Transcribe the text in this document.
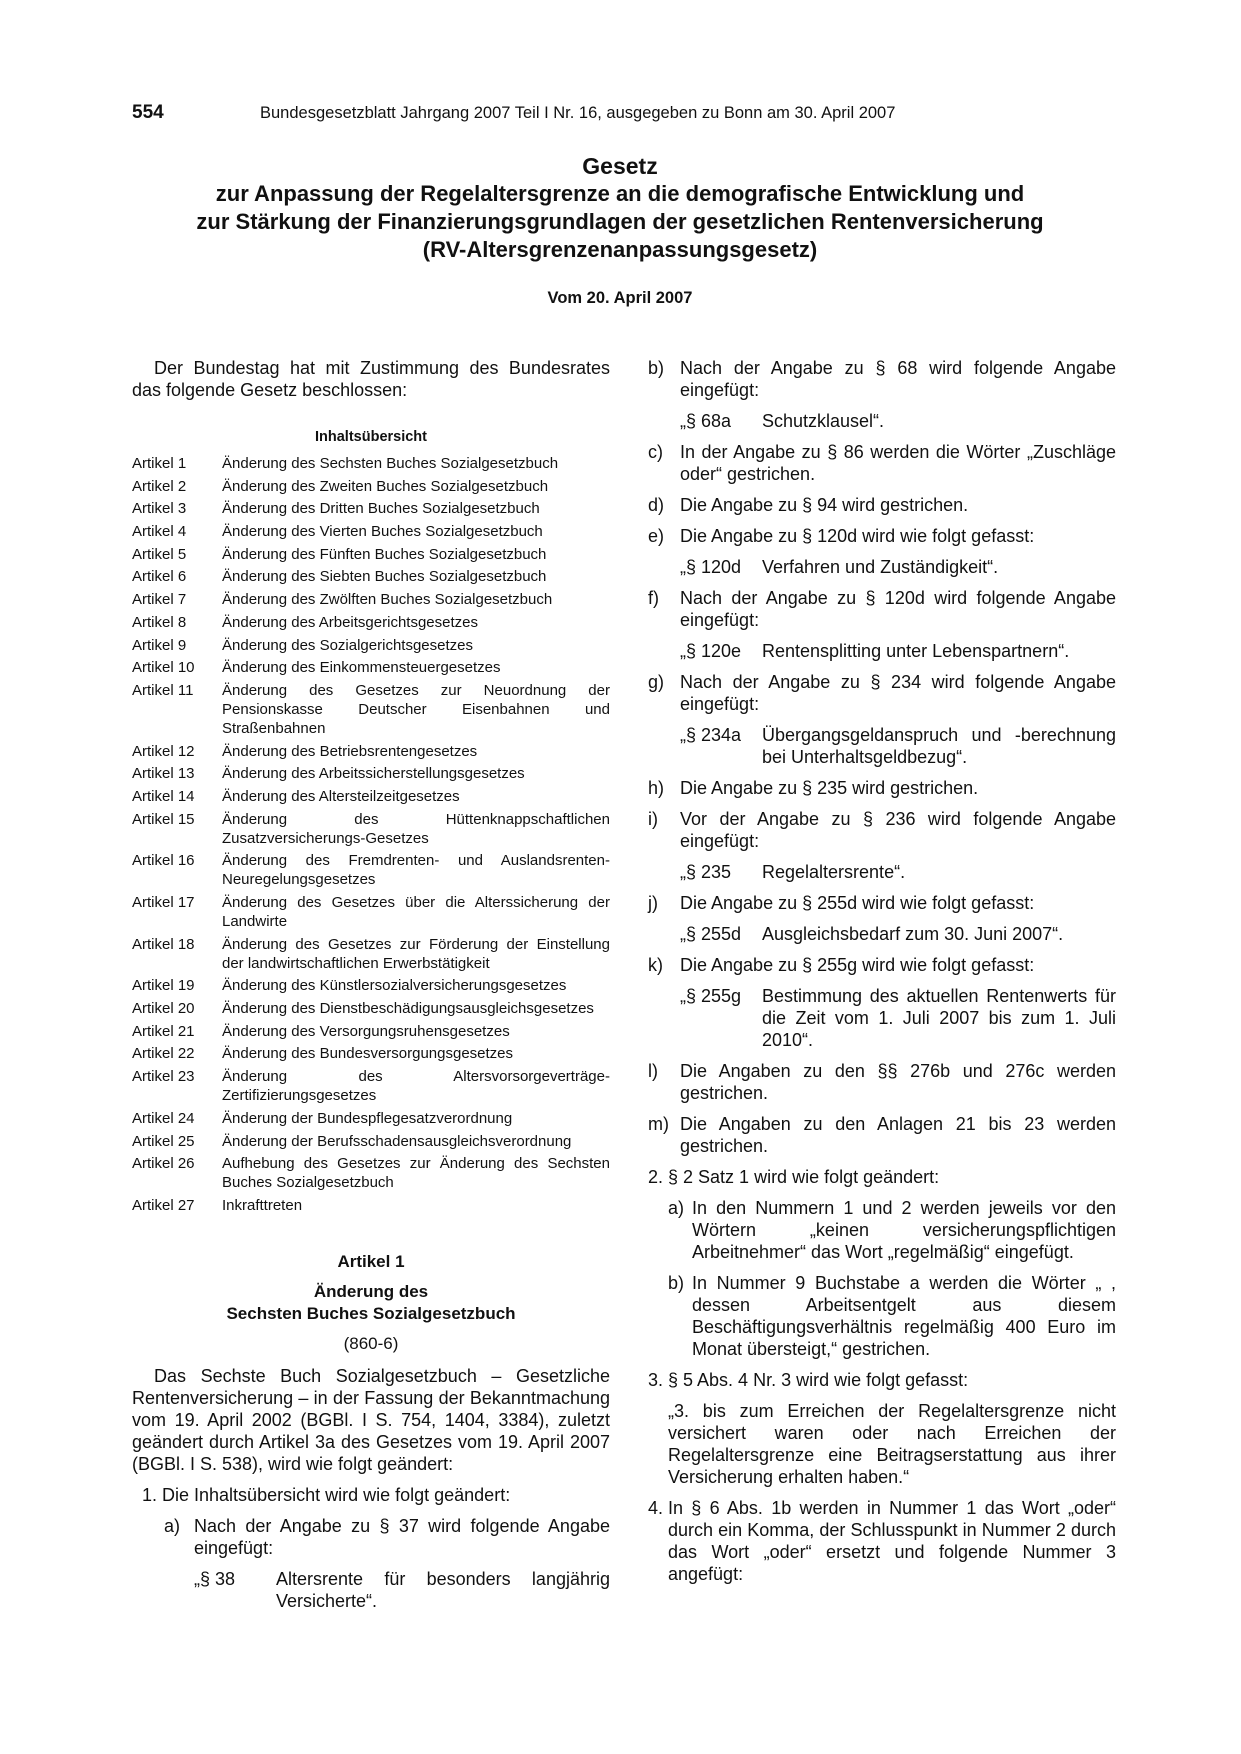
554	Bundesgesetzblatt Jahrgang 2007 Teil I Nr. 16, ausgegeben zu Bonn am 30. April 2007
Gesetz
zur Anpassung der Regelaltersgrenze an die demografische Entwicklung und
zur Stärkung der Finanzierungsgrundlagen der gesetzlichen Rentenversicherung
(RV-Altersgrenzenanpassungsgesetz)
Vom 20. April 2007

Der Bundestag hat mit Zustimmung des Bundesrates das folgende Gesetz beschlossen:

Inhaltsübersicht
Artikel 1	Änderung des Sechsten Buches Sozialgesetzbuch
Artikel 2	Änderung des Zweiten Buches Sozialgesetzbuch
Artikel 3	Änderung des Dritten Buches Sozialgesetzbuch
Artikel 4	Änderung des Vierten Buches Sozialgesetzbuch
Artikel 5	Änderung des Fünften Buches Sozialgesetzbuch
Artikel 6	Änderung des Siebten Buches Sozialgesetzbuch
Artikel 7	Änderung des Zwölften Buches Sozialgesetzbuch
Artikel 8	Änderung des Arbeitsgerichtsgesetzes
Artikel 9	Änderung des Sozialgerichtsgesetzes
Artikel 10	Änderung des Einkommensteuergesetzes
Artikel 11	Änderung des Gesetzes zur Neuordnung der Pensionskasse Deutscher Eisenbahnen und Straßenbahnen
Artikel 12	Änderung des Betriebsrentengesetzes
Artikel 13	Änderung des Arbeitssicherstellungsgesetzes
Artikel 14	Änderung des Altersteilzeitgesetzes
Artikel 15	Änderung des Hüttenknappschaftlichen Zusatzversicherungs-Gesetzes
Artikel 16	Änderung des Fremdrenten- und Auslandsrenten-Neuregelungsgesetzes
Artikel 17	Änderung des Gesetzes über die Alterssicherung der Landwirte
Artikel 18	Änderung des Gesetzes zur Förderung der Einstellung der landwirtschaftlichen Erwerbstätigkeit
Artikel 19	Änderung des Künstlersozialversicherungsgesetzes
Artikel 20	Änderung des Dienstbeschädigungsausgleichsgesetzes
Artikel 21	Änderung des Versorgungsruhensgesetzes
Artikel 22	Änderung des Bundesversorgungsgesetzes
Artikel 23	Änderung des Altersvorsorgeverträge-Zertifizierungsgesetzes
Artikel 24	Änderung der Bundespflegesatzverordnung
Artikel 25	Änderung der Berufsschadensausgleichsverordnung
Artikel 26	Aufhebung des Gesetzes zur Änderung des Sechsten Buches Sozialgesetzbuch
Artikel 27	Inkrafttreten
Artikel 1
Änderung des
Sechsten Buches Sozialgesetzbuch
(860-6)

Das Sechste Buch Sozialgesetzbuch – Gesetzliche Rentenversicherung – in der Fassung der Bekanntmachung vom 19. April 2002 (BGBl. I S. 754, 1404, 3384), zuletzt geändert durch Artikel 3a des Gesetzes vom 19. April 2007 (BGBl. I S. 538), wird wie folgt geändert:

1. Die Inhaltsübersicht wird wie folgt geändert:
a) Nach der Angabe zu § 37 wird folgende Angabe eingefügt:
„§ 38	Altersrente für besonders langjährig Versicherte“.
b) Nach der Angabe zu § 68 wird folgende Angabe eingefügt:
„§ 68a	Schutzklausel“.
c) In der Angabe zu § 86 werden die Wörter „Zuschläge oder“ gestrichen.
d) Die Angabe zu § 94 wird gestrichen.
e) Die Angabe zu § 120d wird wie folgt gefasst:
„§ 120d	Verfahren und Zuständigkeit“.
f)	Nach der Angabe zu § 120d wird folgende Angabe eingefügt:
„§ 120e	Rentensplitting unter Lebenspartnern“.
g) Nach der Angabe zu § 234 wird folgende Angabe eingefügt:
„§ 234a	Übergangsgeldanspruch und -berechnung bei Unterhaltsgeldbezug“.
h) Die Angabe zu § 235 wird gestrichen.
i)	Vor der Angabe zu § 236 wird folgende Angabe eingefügt:
„§ 235	Regelaltersrente“.
j)	Die Angabe zu § 255d wird wie folgt gefasst:
„§ 255d	Ausgleichsbedarf zum 30. Juni 2007“.
k) Die Angabe zu § 255g wird wie folgt gefasst:
„§ 255g	Bestimmung des aktuellen Rentenwerts für die Zeit vom 1. Juli 2007 bis zum 1. Juli 2010“.
l)	Die Angaben zu den §§ 276b und 276c werden gestrichen.
m) Die Angaben zu den Anlagen 21 bis 23 werden gestrichen.
2. § 2 Satz 1 wird wie folgt geändert:
a) In den Nummern 1 und 2 werden jeweils vor den Wörtern „keinen versicherungspflichtigen Arbeitnehmer“ das Wort „regelmäßig“ eingefügt.
b) In Nummer 9 Buchstabe a werden die Wörter „ , dessen Arbeitsentgelt aus diesem Beschäftigungsverhältnis regelmäßig 400 Euro im Monat übersteigt,“ gestrichen.
3. § 5 Abs. 4 Nr. 3 wird wie folgt gefasst:
„3. bis zum Erreichen der Regelaltersgrenze nicht versichert waren oder nach Erreichen der Regelaltersgrenze eine Beitragserstattung aus ihrer Versicherung erhalten haben.“
4. In § 6 Abs. 1b werden in Nummer 1 das Wort „oder“ durch ein Komma, der Schlusspunkt in Nummer 2 durch das Wort „oder“ ersetzt und folgende Nummer 3 angefügt:
